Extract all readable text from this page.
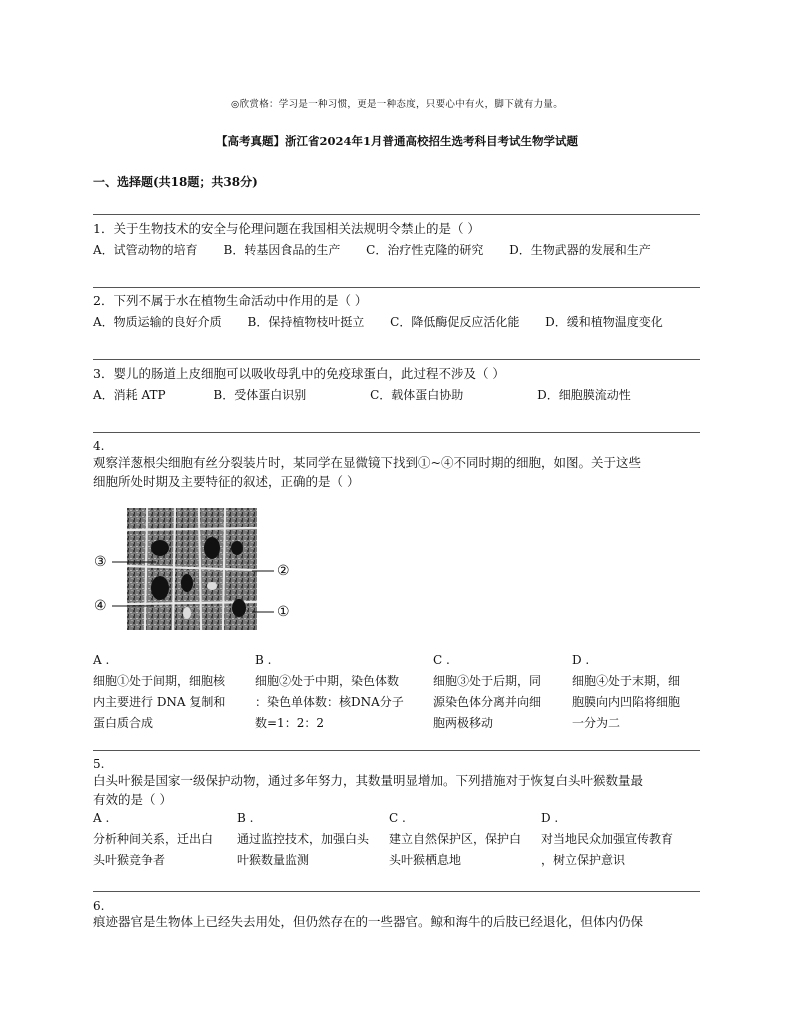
◎欣赏格：学习是一种习惯，更是一种态度，只要心中有火，脚下就有力量。
【高考真题】浙江省2024年1月普通高校招生选考科目考试生物学试题
一、选择题(共18题；共38分)
1．关于生物技术的安全与伦理问题在我国相关法规明令禁止的是（ ）
A．试管动物的培育 B．转基因食品的生产 C．治疗性克隆的研究 D．生物武器的发展和生产
2．下列不属于水在植物生命活动中作用的是（ ）
A．物质运输的良好介质 B．保持植物枝叶挺立 C．降低酶促反应活化能 D．缓和植物温度变化
3．婴儿的肠道上皮细胞可以吸收母乳中的免疫球蛋白，此过程不涉及（ ）
A．消耗 ATP	B．受体蛋白识别	C．载体蛋白协助	D．细胞膜流动性
4.
观察洋葱根尖细胞有丝分裂装片时，某同学在显微镜下找到①~④不同时期的细胞，如图。关于这些
细胞所处时期及主要特征的叙述，正确的是（ ）
③
②
④	①
A .
细胞①处于间期，细胞核
内主要进行 DNA 复制和
蛋白质合成
B .
细胞②处于中期，染色体数
：染色单体数：核DNA分子
数=1：2：2
C .
细胞③处于后期，同
源染色体分离并向细
胞两极移动
D .
细胞④处于末期，细
胞膜向内凹陷将细胞
一分为二
5.
白头叶猴是国家一级保护动物，通过多年努力，其数量明显增加。下列措施对于恢复白头叶猴数量最
有效的是（ ）
A .
分析种间关系，迁出白
头叶猴竞争者
B .
通过监控技术，加强白头
叶猴数量监测
C .
建立自然保护区，保护白
头叶猴栖息地
D .
对当地民众加强宣传教育
，树立保护意识
6.
痕迹器官是生物体上已经失去用处，但仍然存在的一些器官。鲸和海牛的后肢已经退化，但体内仍保
